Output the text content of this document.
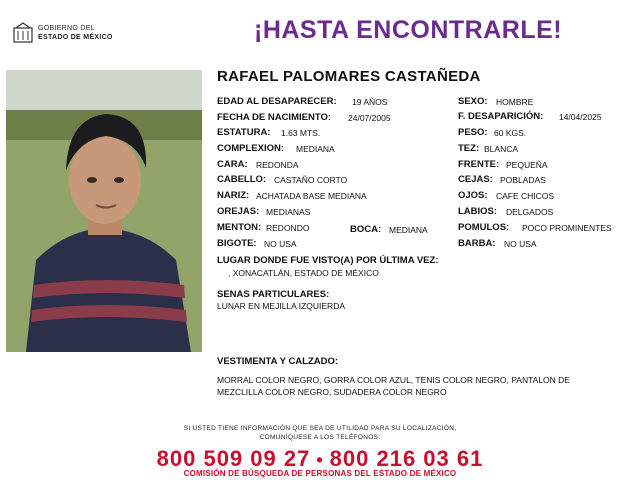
GOBIERNO DEL
ESTADO DE MÉXICO	¡HASTA ENCONTRARLE!
RAFAEL PALOMARES CASTAÑEDA
EDAD AL DESAPARECER: 19 AÑOS
FECHA DE NACIMIENTO: 24/07/2005
ESTATURA: 1.63 MTS.
COMPLEXION: MEDIANA
CARA: REDONDA
CABELLO: CASTAÑO CORTO
NARIZ: ACHATADA BASE MEDIANA
OREJAS: MEDIANAS
MENTON: REDONDO	BOCA: MEDIANA
BIGOTE: NO USA
SEXO: HOMBRE
F. DESAPARICIÓN: 14/04/2025
PESO: 60 KGS.
TEZ: BLANCA
FRENTE: PEQUEÑA
CEJAS: POBLADAS
OJOS: CAFE CHICOS
LABIOS: DELGADOS
POMULOS: POCO PROMINENTES
BARBA: NO USA
LUGAR DONDE FUE VISTO(A) POR ÚLTIMA VEZ:
, XONACATLÁN, ESTADO DE MÉXICO
SENAS PARTICULARES:
LUNAR EN MEJILLA IZQUIERDA
VESTIMENTA Y CALZADO:
MORRAL COLOR NEGRO, GORRA COLOR AZUL, TENIS COLOR NEGRO, PANTALON DE
MEZCLILLA COLOR NEGRO, SUDADERA COLOR NEGRO
SI USTED TIENE INFORMACIÓN QUE SEA DE UTILIDAD PARA SU LOCALIZACIÓN,
COMUNÍQUESE A LOS TELÉFONOS:
800 509 09 27 • 800 216 03 61
COMISIÓN DE BÚSQUEDA DE PERSONAS DEL ESTADO DE MÉXICO
